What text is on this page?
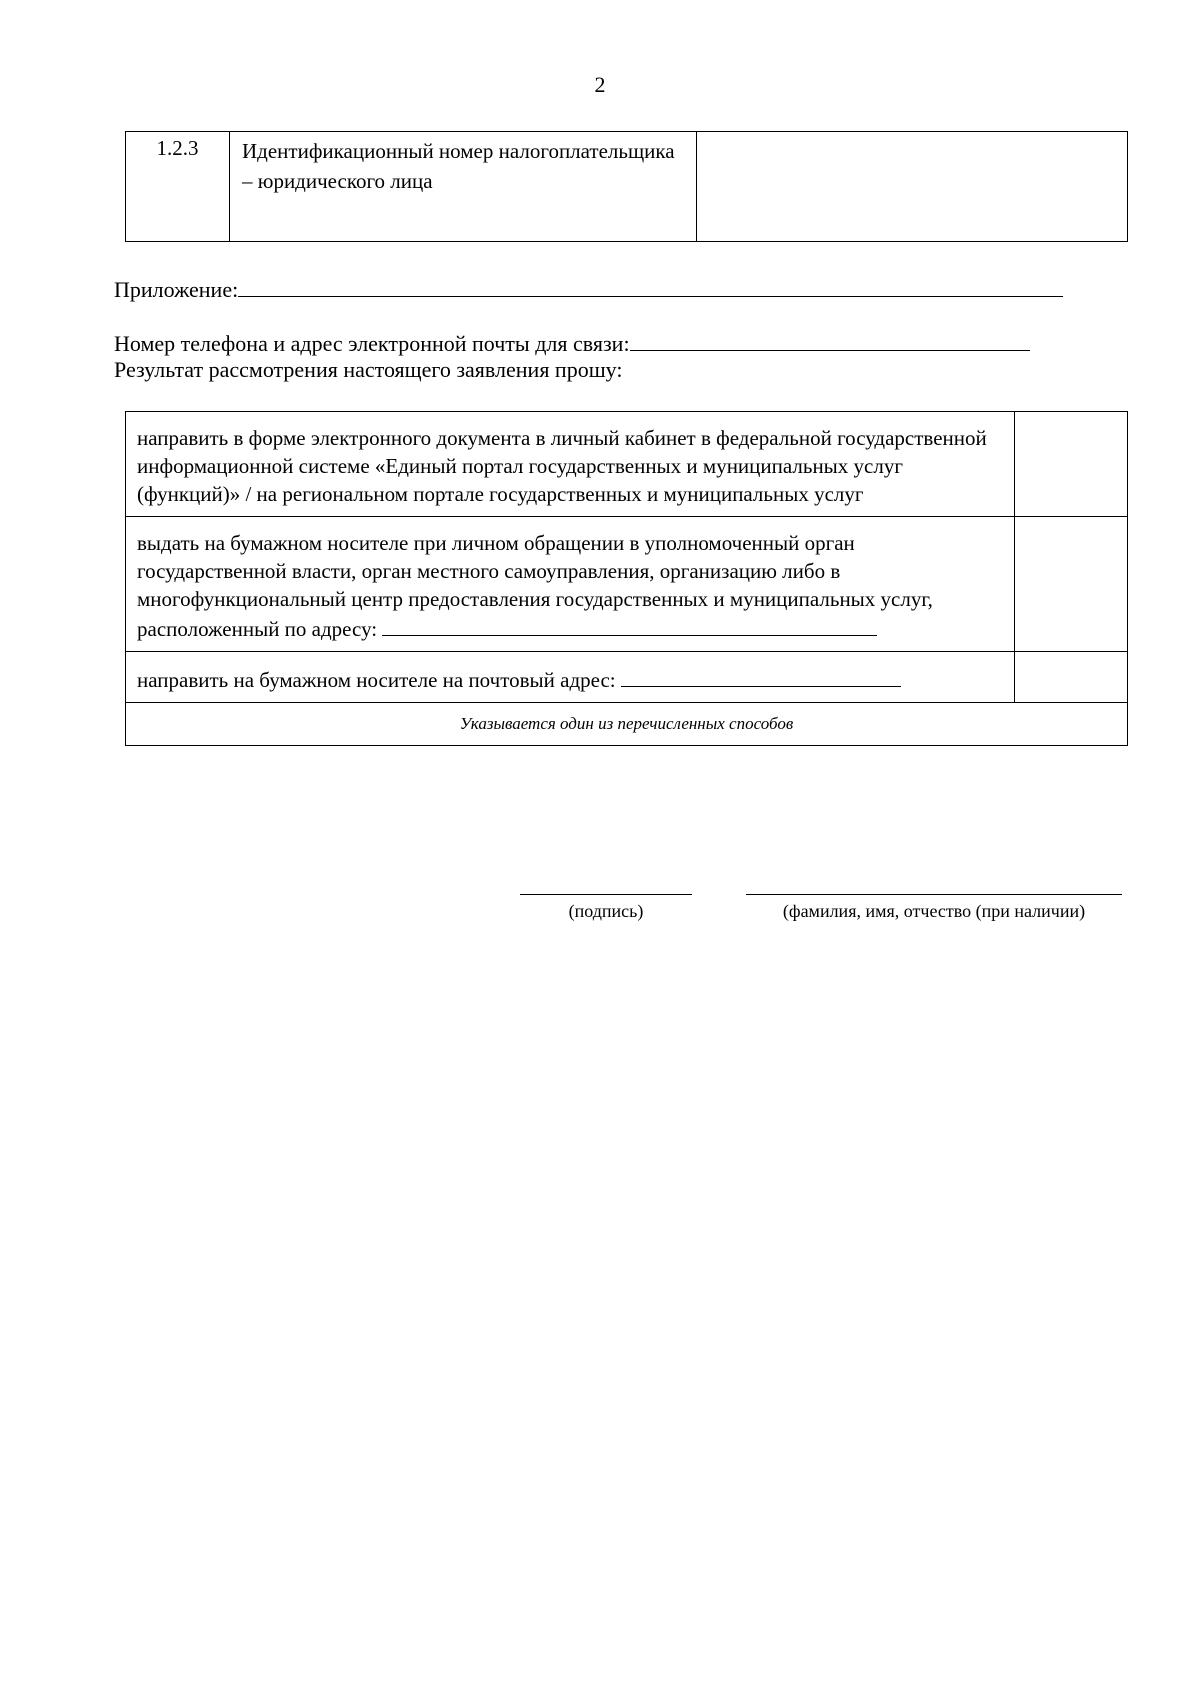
2
1.2.3	Идентификационный номер налогоплательщика – юридического лица
Приложение:
Номер телефона и адрес электронной почты для связи:
Результат рассмотрения настоящего заявления прошу:
направить в форме электронного документа в личный кабинет в федеральной государственной информационной системе «Единый портал государственных и муниципальных услуг (функций)» / на региональном портале государственных и муниципальных услуг
выдать на бумажном носителе при личном обращении в уполномоченный орган государственной власти, орган местного самоуправления, организацию либо в многофункциональный центр предоставления государственных и муниципальных услуг, расположенный по адресу:
направить на бумажном носителе на почтовый адрес:
Указывается один из перечисленных способов
(подпись)	(фамилия, имя, отчество (при наличии)
